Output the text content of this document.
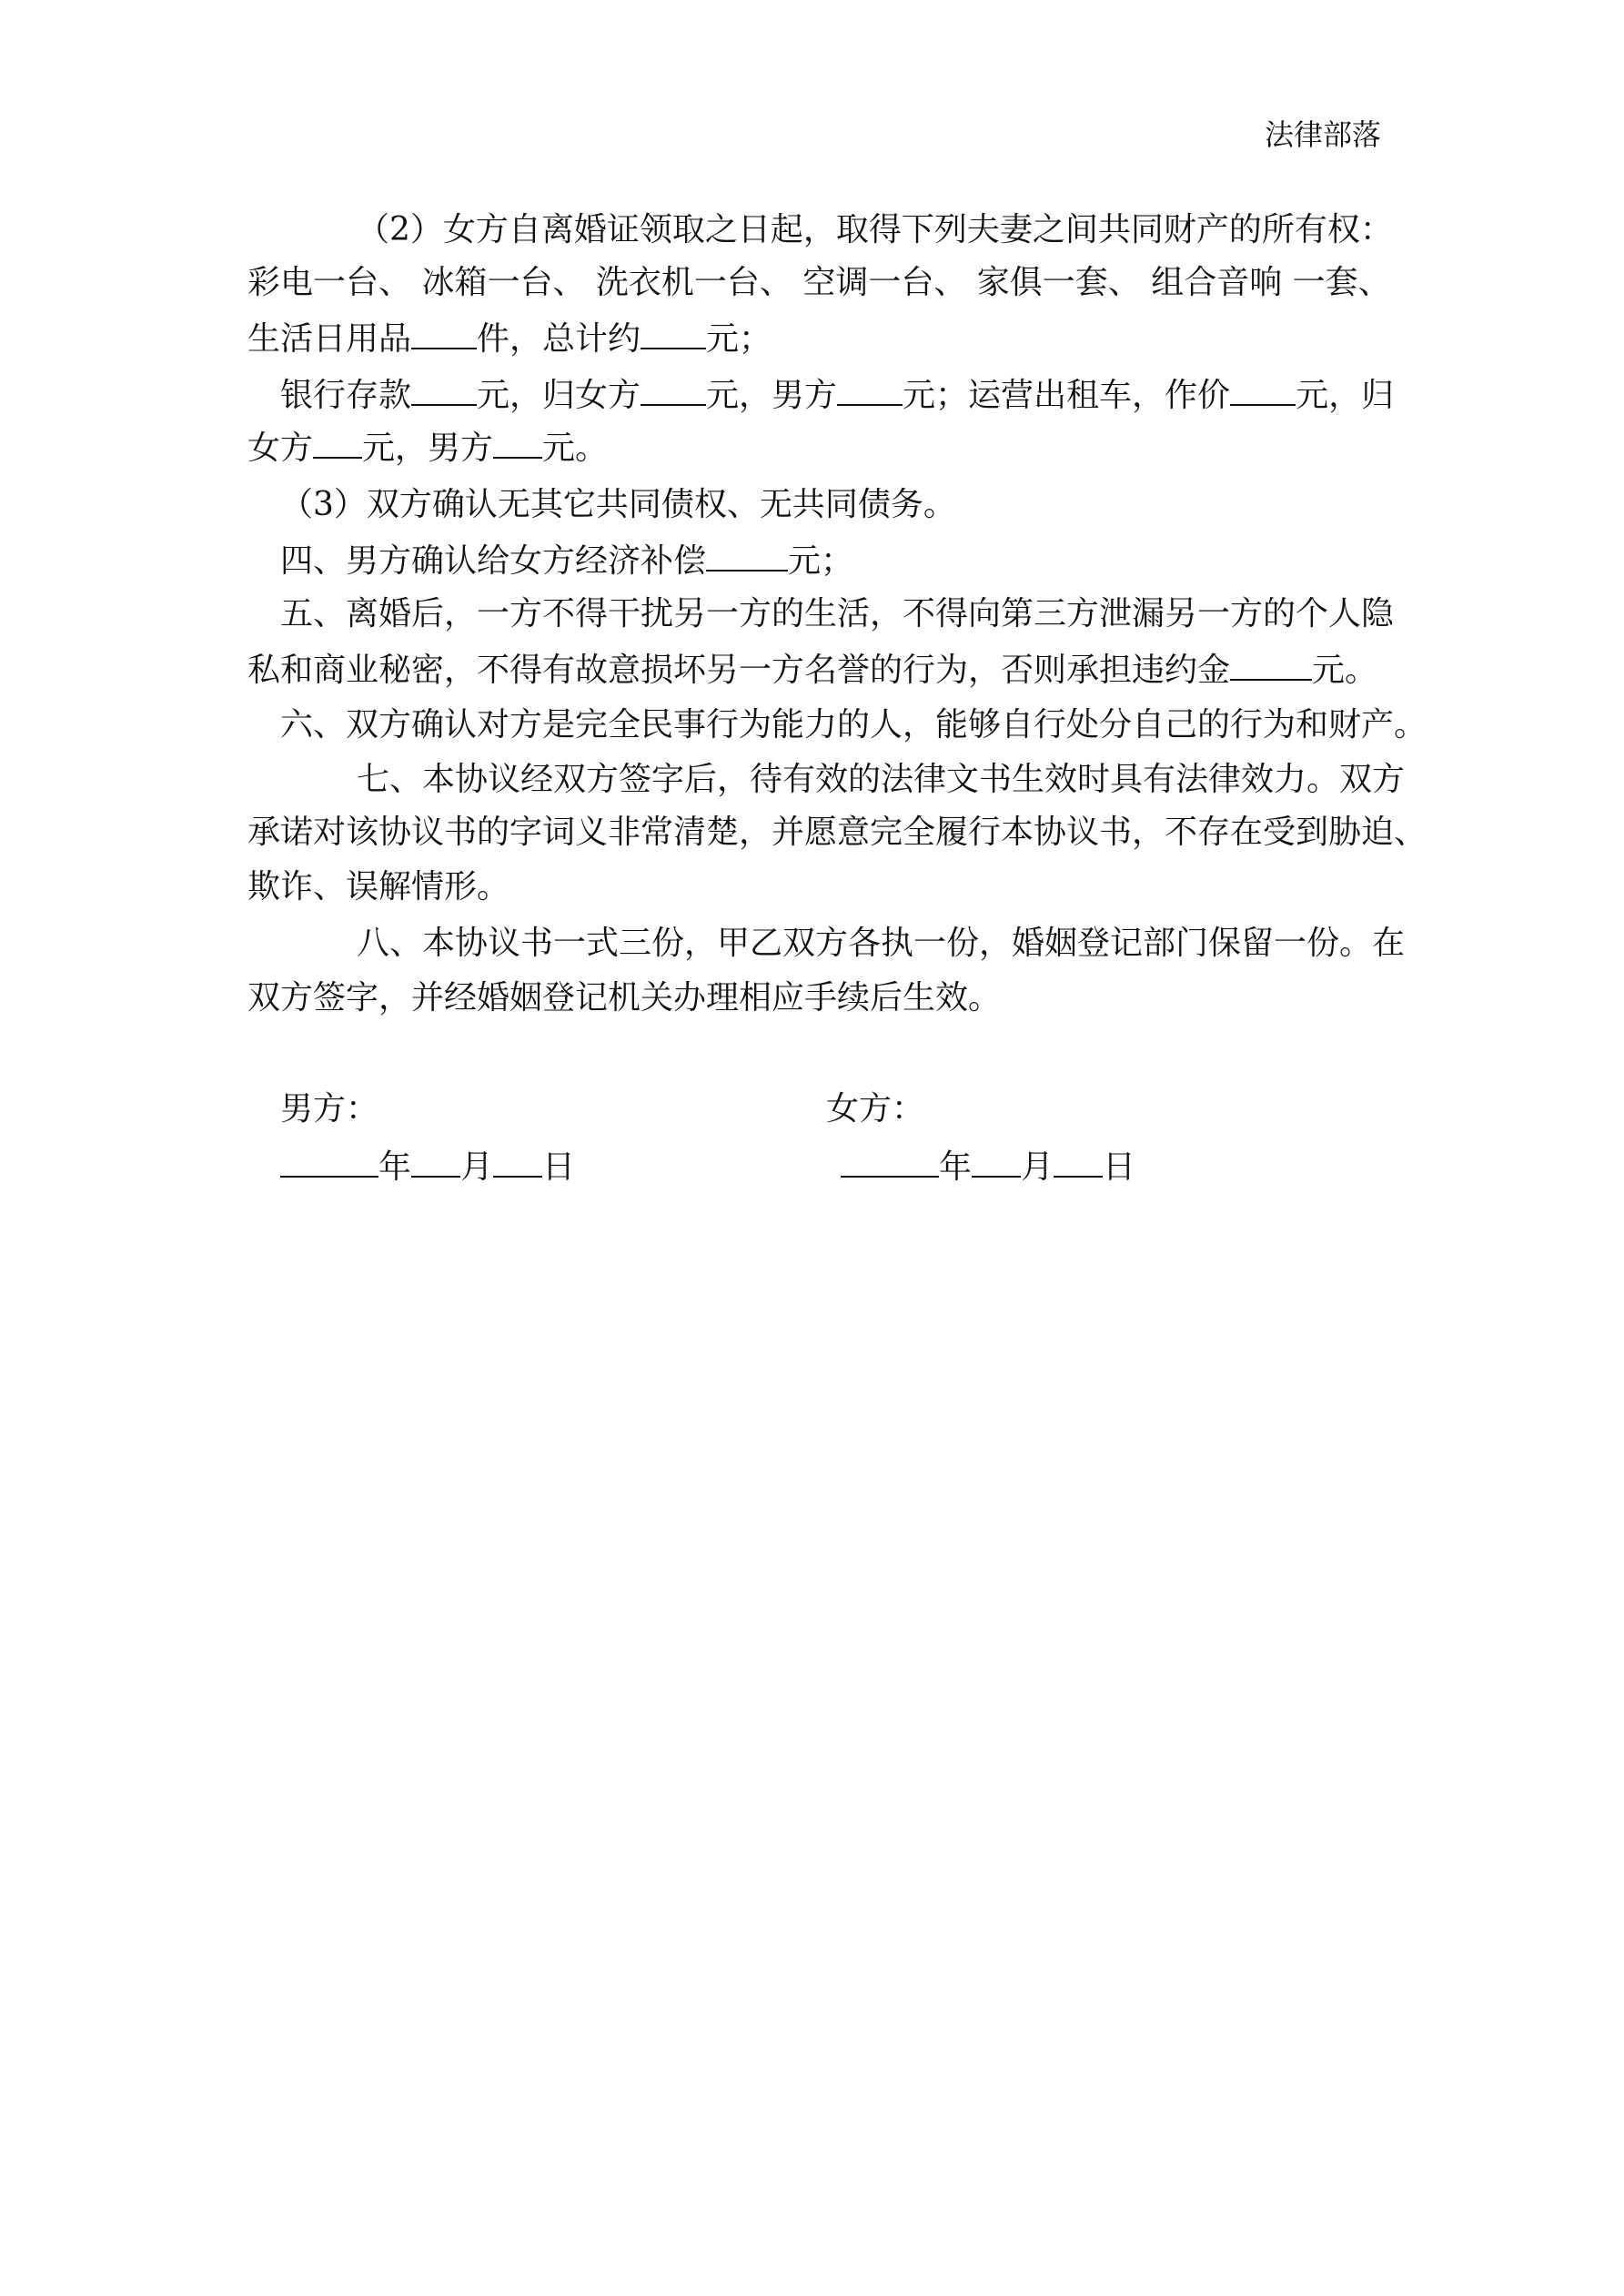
法律部落
（2）女方自离婚证领取之日起，取得下列夫妻之间共同财产的所有权：
彩电一台、 冰箱一台、 洗衣机一台、 空调一台、 家俱一套、 组合音响 一套、
生活日用品 件，总计约 元；
银行存款 元，归女方 元，男方 元；运营出租车，作价 元，归
女方 元，男方 元。
（3）双方确认无其它共同债权、无共同债务。
四、男方确认给女方经济补偿	元；
五、离婚后，一方不得干扰另一方的生活，不得向第三方泄漏另一方的个人隐
私和商业秘密，不得有故意损坏另一方名誉的行为，否则承担违约金	元。
六、双方确认对方是完全民事行为能力的人，能够自行处分自己的行为和财产。
七、本协议经双方签字后，待有效的法律文书生效时具有法律效力。双方
承诺对该协议书的字词义非常清楚，并愿意完全履行本协议书，不存在受到胁迫、
欺诈、误解情形。
八、本协议书一式三份，甲乙双方各执一份，婚姻登记部门保留一份。在
双方签字，并经婚姻登记机关办理相应手续后生效。
男方：	女方：
年 月 日	年 月 日
